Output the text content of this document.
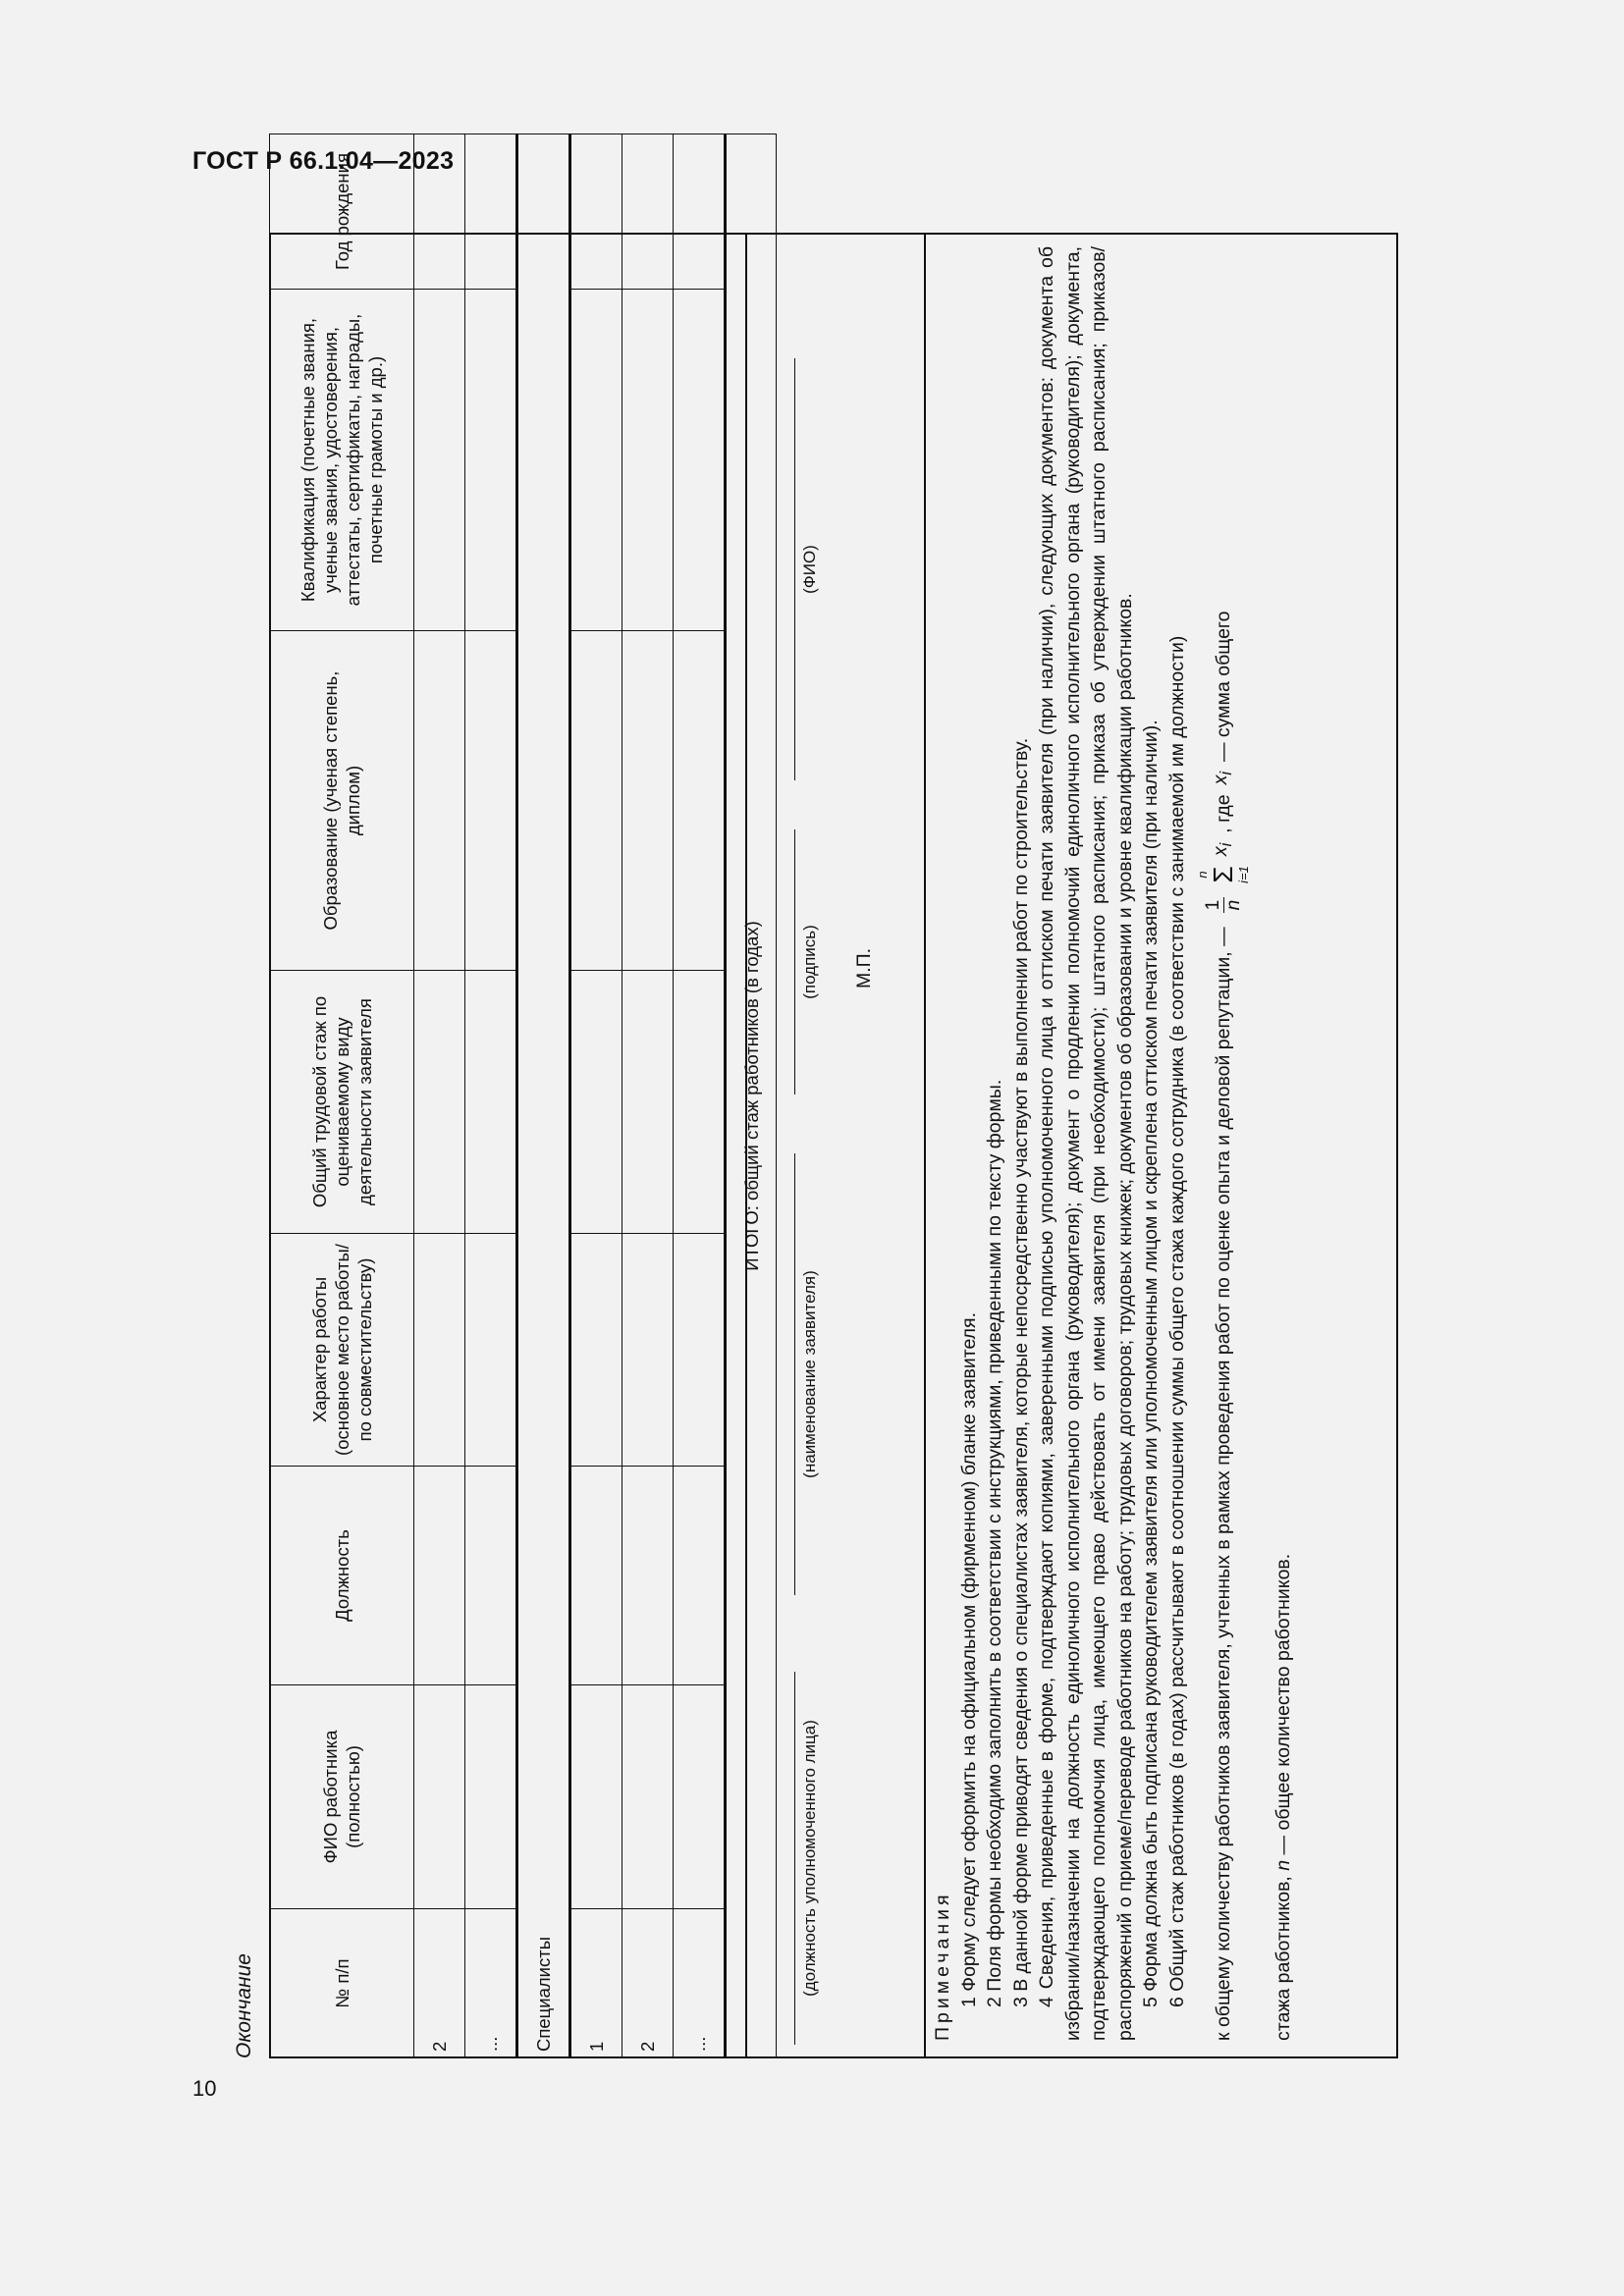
ГОСТ Р 66.1.04—2023
10
Окончание	№ п/п	ФИО работника (полностью)	Должность	Характер работы (основное место работы/по совместительству)	Общий трудовой стаж по оцениваемому виду деятельности заявителя	Образование (ученая степень, диплом)	Квалификация (почетные звания, ученые звания, удостоверения, аттестаты, сертификаты, награды, почетные грамоты и др.)	Год рождения
2							
...							
Специалисты							
1							
2							
...							
ИТОГО: общий стаж работников (в годах)							
(должность уполномоченного лица)
(наименование заявителя)
(подпись)
(ФИО)
М.П.

Примечания 1 Форму следует оформить на официальном (фирменном) бланке заявителя. 2 Поля формы необходимо заполнить в соответствии с инструкциями, приведенными по тексту формы. 3 В данной форме приводят сведения о специалистах заявителя, которые непосредственно участвуют в выполнении работ по строительству. 4 Сведения, приведенные в форме, подтверждают копиями, заверенными подписью уполномоченного лица и оттиском печати заявителя (при наличии), следующих документов: документа об избрании/назначении на должность единоличного исполнительного органа (руководителя); документ о продлении полномочий единоличного исполнительного органа (руководителя); документа, подтверждающего полномочия лица, имеющего право действовать от имени заявителя (при необходимости); штатного расписания; приказа об утверждении штатного расписания; приказов/распоряжений о приеме/переводе работников на работу; трудовых договоров; трудовых книжек; документов об образовании и уровне квалификации работников. 5 Форма должна быть подписана руководителем заявителя или уполномоченным лицом и скреплена оттиском печати заявителя (при наличии). 6 Общий стаж работников (в годах) рассчитывают в соотношении суммы общего стажа каждого сотрудника (в соответствии с занимаемой им должности) к общему количеству работников заявителя, учтенных в рамках проведения работ по оценке опыта и деловой репутации, —
1 n
n
Σ
i=1
$x_i$
, где
$x_i$
— сумма общего

стажа работников, n — общее количество работников.
